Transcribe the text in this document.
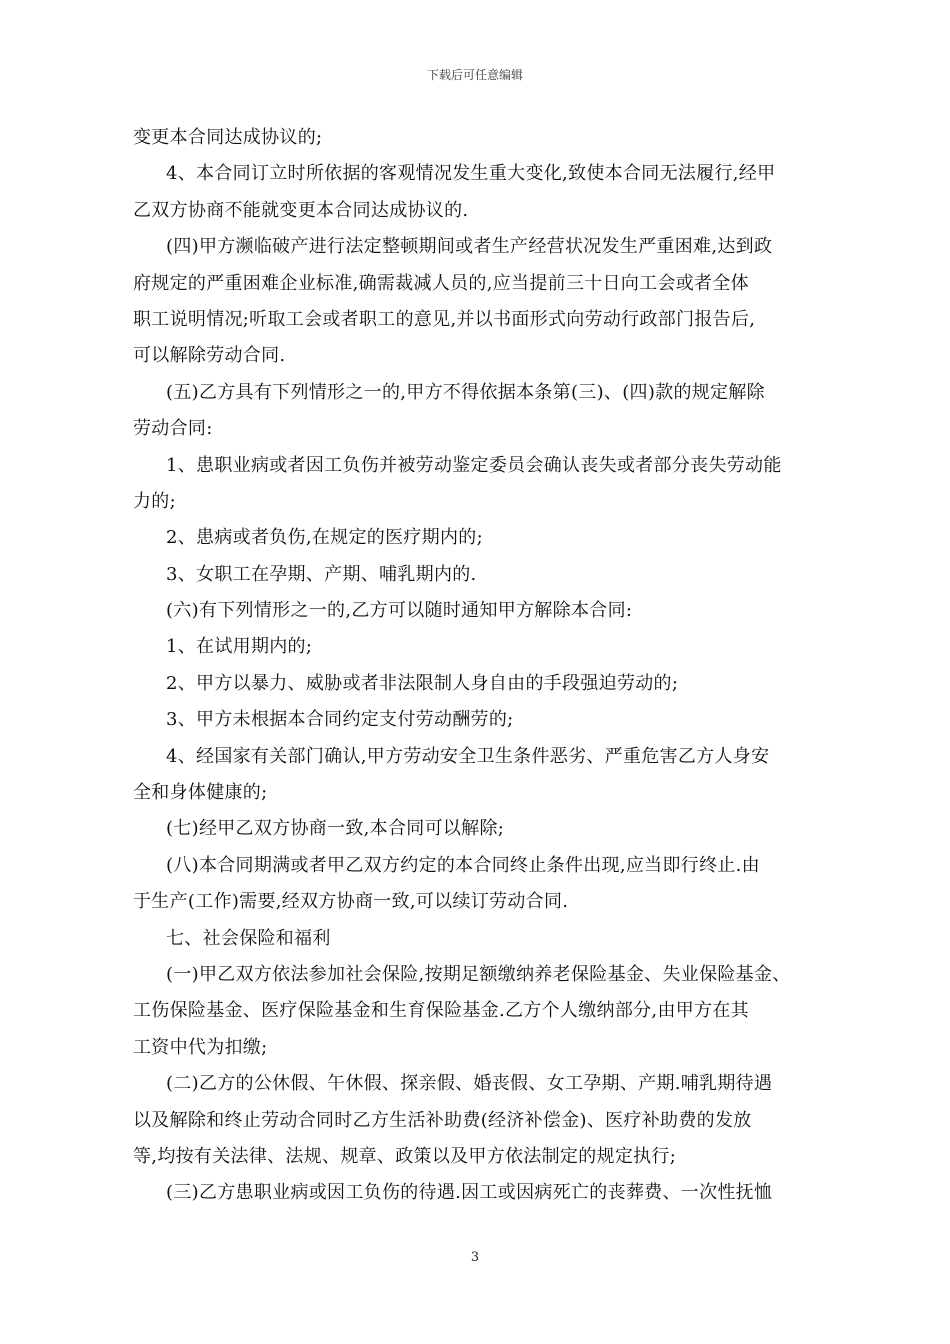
下载后可任意编辑
变更本合同达成协议的;
4、本合同订立时所依据的客观情况发生重大变化,致使本合同无法履行,经甲
乙双方协商不能就变更本合同达成协议的.
(四)甲方濒临破产进行法定整顿期间或者生产经营状况发生严重困难,达到政
府规定的严重困难企业标准,确需裁减人员的,应当提前三十日向工会或者全体
职工说明情况;听取工会或者职工的意见,并以书面形式向劳动行政部门报告后,
可以解除劳动合同.
(五)乙方具有下列情形之一的,甲方不得依据本条第(三)、(四)款的规定解除
劳动合同:
1、患职业病或者因工负伤并被劳动鉴定委员会确认丧失或者部分丧失劳动能
力的;
2、患病或者负伤,在规定的医疗期内的;
3、女职工在孕期、产期、哺乳期内的.
(六)有下列情形之一的,乙方可以随时通知甲方解除本合同:
1、在试用期内的;
2、甲方以暴力、威胁或者非法限制人身自由的手段强迫劳动的;
3、甲方未根据本合同约定支付劳动酬劳的;
4、经国家有关部门确认,甲方劳动安全卫生条件恶劣、严重危害乙方人身安
全和身体健康的;
(七)经甲乙双方协商一致,本合同可以解除;
(八)本合同期满或者甲乙双方约定的本合同终止条件出现,应当即行终止.由
于生产(工作)需要,经双方协商一致,可以续订劳动合同.
七、社会保险和福利
(一)甲乙双方依法参加社会保险,按期足额缴纳养老保险基金、失业保险基金、
工伤保险基金、医疗保险基金和生育保险基金.乙方个人缴纳部分,由甲方在其
工资中代为扣缴;
(二)乙方的公休假、午休假、探亲假、婚丧假、女工孕期、产期.哺乳期待遇
以及解除和终止劳动合同时乙方生活补助费(经济补偿金)、医疗补助费的发放
等,均按有关法律、法规、规章、政策以及甲方依法制定的规定执行;
(三)乙方患职业病或因工负伤的待遇.因工或因病死亡的丧葬费、一次性抚恤
3
